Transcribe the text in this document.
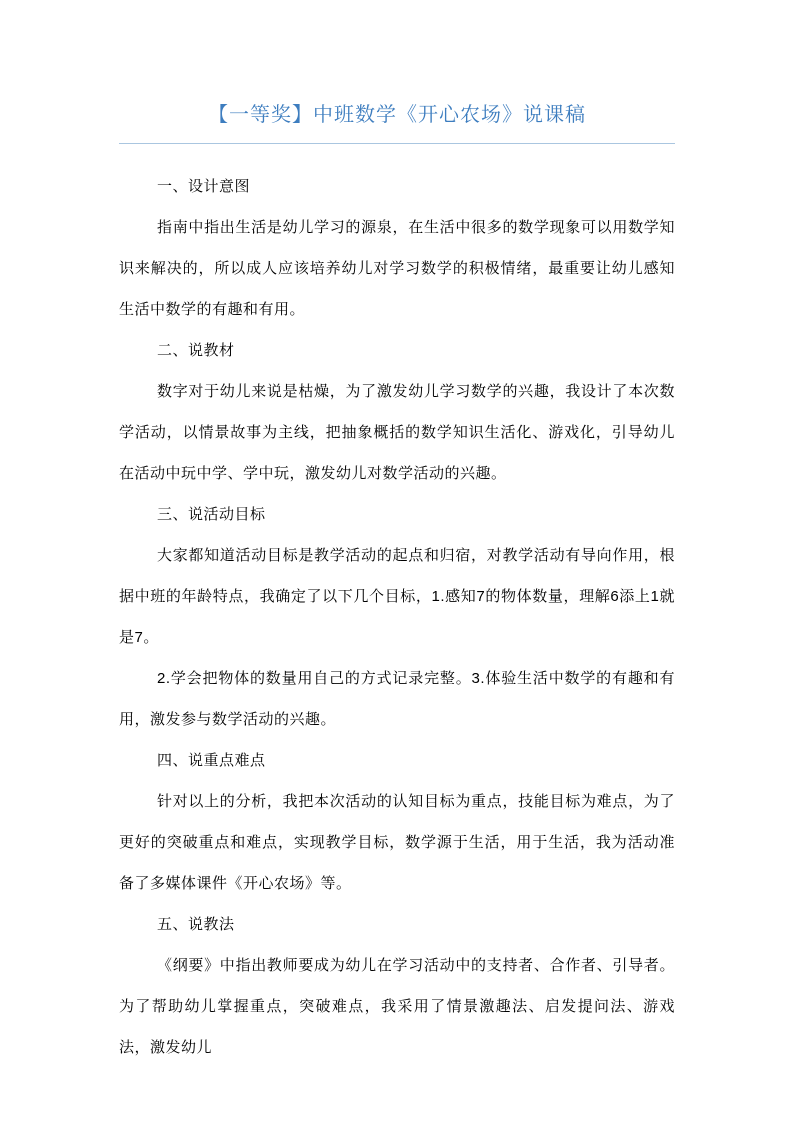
【一等奖】中班数学《开心农场》说课稿

一、设计意图

指南中指出生活是幼儿学习的源泉，在生活中很多的数学现象可以用数学知识来解决的，所以成人应该培养幼儿对学习数学的积极情绪，最重要让幼儿感知生活中数学的有趣和有用。

二、说教材

数字对于幼儿来说是枯燥，为了激发幼儿学习数学的兴趣，我设计了本次数学活动，以情景故事为主线，把抽象概括的数学知识生活化、游戏化，引导幼儿在活动中玩中学、学中玩，激发幼儿对数学活动的兴趣。

三、说活动目标

大家都知道活动目标是教学活动的起点和归宿，对教学活动有导向作用，根据中班的年龄特点，我确定了以下几个目标，1.感知7的物体数量，理解6添上1就是7。

2.学会把物体的数量用自己的方式记录完整。3.体验生活中数学的有趣和有用，激发参与数学活动的兴趣。

四、说重点难点

针对以上的分析，我把本次活动的认知目标为重点，技能目标为难点，为了更好的突破重点和难点，实现教学目标，数学源于生活，用于生活，我为活动准备了多媒体课件《开心农场》等。

五、说教法

《纲要》中指出教师要成为幼儿在学习活动中的支持者、合作者、引导者。为了帮助幼儿掌握重点，突破难点，我采用了情景激趣法、启发提问法、游戏法，激发幼儿
